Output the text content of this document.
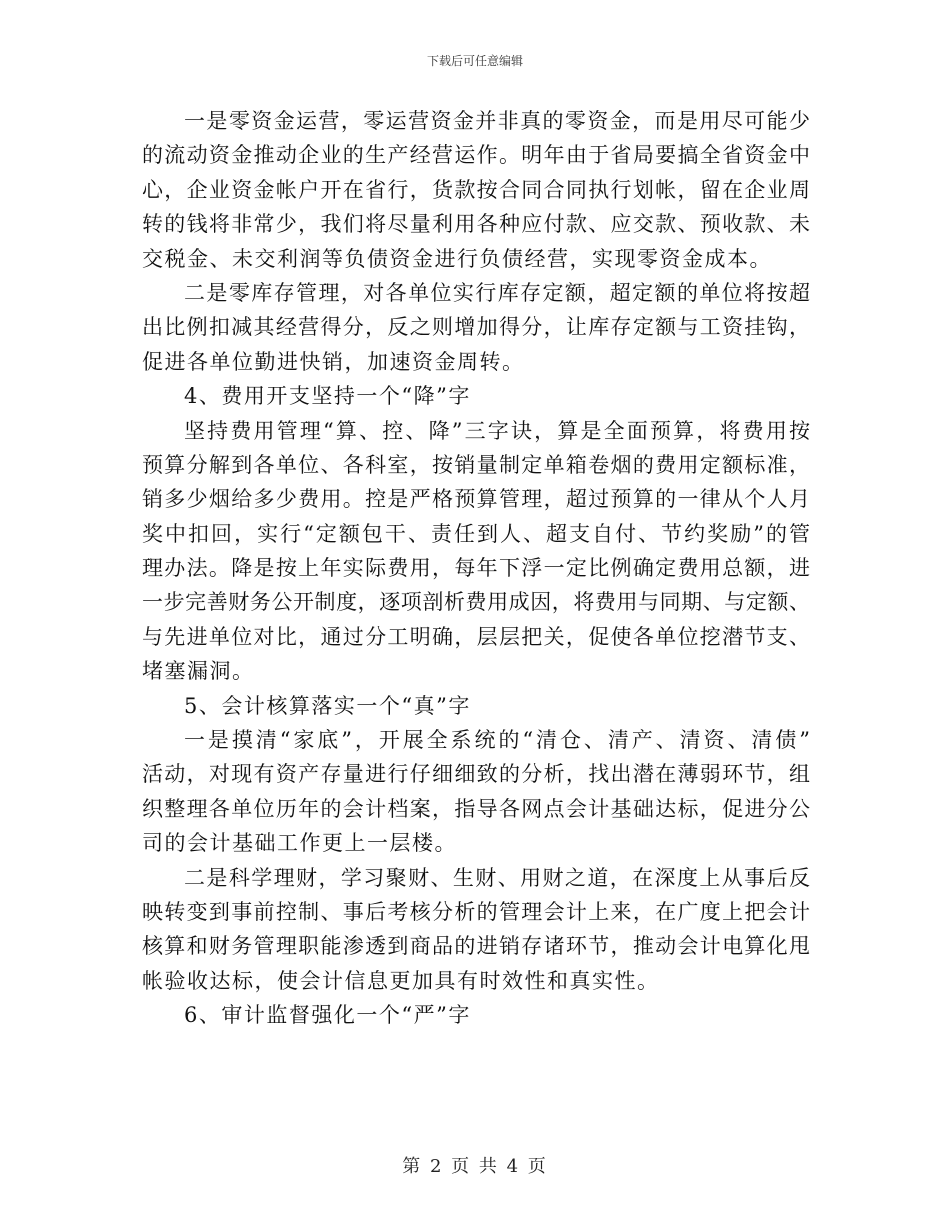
下载后可任意编辑
一是零资金运营，零运营资金并非真的零资金，而是用尽可能少
的流动资金推动企业的生产经营运作。明年由于省局要搞全省资金中
心，企业资金帐户开在省行，货款按合同合同执行划帐，留在企业周
转的钱将非常少，我们将尽量利用各种应付款、应交款、预收款、未
交税金、未交利润等负债资金进行负债经营，实现零资金成本。
二是零库存管理，对各单位实行库存定额，超定额的单位将按超
出比例扣减其经营得分，反之则增加得分，让库存定额与工资挂钩，
促进各单位勤进快销，加速资金周转。
4、费用开支坚持一个“降”字
坚持费用管理“算、控、降”三字诀，算是全面预算，将费用按
预算分解到各单位、各科室，按销量制定单箱卷烟的费用定额标准，
销多少烟给多少费用。控是严格预算管理，超过预算的一律从个人月
奖中扣回，实行“定额包干、责任到人、超支自付、节约奖励”的管
理办法。降是按上年实际费用，每年下浮一定比例确定费用总额，进
一步完善财务公开制度，逐项剖析费用成因，将费用与同期、与定额、
与先进单位对比，通过分工明确，层层把关，促使各单位挖潜节支、
堵塞漏洞。
5、会计核算落实一个“真”字
一是摸清“家底”，开展全系统的“清仓、清产、清资、清债”
活动，对现有资产存量进行仔细细致的分析，找出潜在薄弱环节，组
织整理各单位历年的会计档案，指导各网点会计基础达标，促进分公
司的会计基础工作更上一层楼。
二是科学理财，学习聚财、生财、用财之道，在深度上从事后反
映转变到事前控制、事后考核分析的管理会计上来，在广度上把会计
核算和财务管理职能渗透到商品的进销存诸环节，推动会计电算化甩
帐验收达标，使会计信息更加具有时效性和真实性。
6、审计监督强化一个“严”字
第 2 页 共 4 页
